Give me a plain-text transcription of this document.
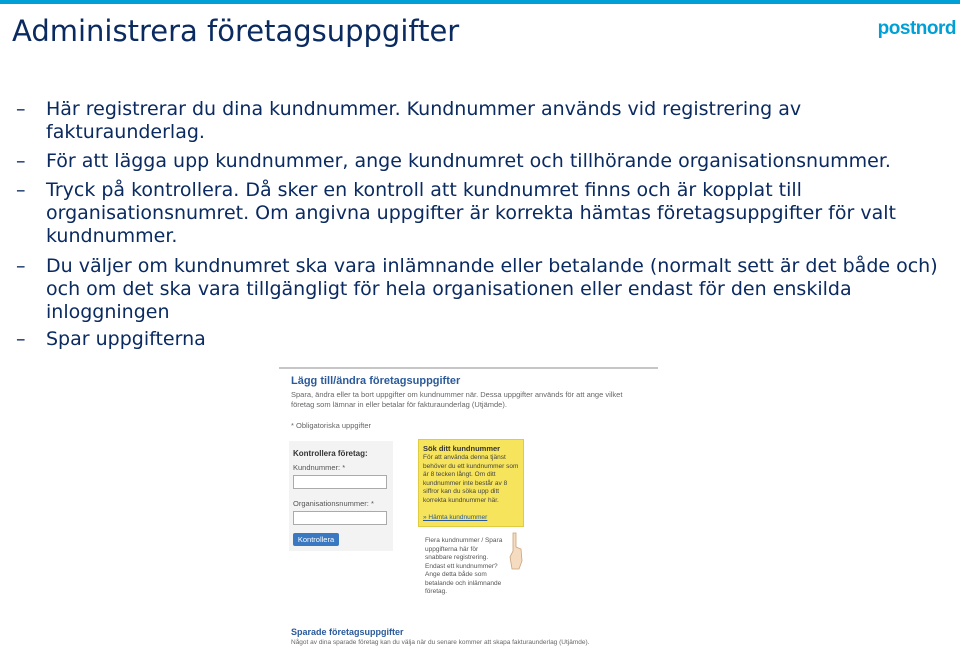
Administrera företagsuppgifter	postnord
– Här registrerar du dina kundnummer. Kundnummer används vid registrering av fakturaunderlag.
– För att lägga upp kundnummer, ange kundnumret och tillhörande organisationsnummer.
– Tryck på kontrollera. Då sker en kontroll att kundnumret finns och är kopplat till organisationsnumret. Om angivna uppgifter är korrekta hämtas företagsuppgifter för valt kundnummer.
– Du väljer om kundnumret ska vara inlämnande eller betalande (normalt sett är det både och) och om det ska vara tillgängligt för hela organisationen eller endast för den enskilda inloggningen
– Spar uppgifterna
Lägg till/ändra företagsuppgifter
Spara, ändra eller ta bort uppgifter om kundnummer när. Dessa uppgifter används för att ange vilket företag som lämnar in eller betalar för fakturaunderlag (Utjämde).
* Obligatoriska uppgifter
Kontrollera företag:
Kundnummer: *
Organisationsnummer: *
Kontrollera
Sök ditt kundnummer
För att använda denna tjänst behöver du ett kundnummer som är 8 tecken långt. Om ditt kundnummer inte består av 8 siffror kan du söka upp ditt korrekta kundnummer här.
» Hämta kundnummer
Flera kundnummer / Spara uppgifterna här för snabbare registrering. Endast ett kundnummer? Ange detta både som betalande och inlämnande företag.
Sparade företagsuppgifter
Något av dina sparade företag kan du välja när du senare kommer att skapa fakturaunderlag (Utjämde).
